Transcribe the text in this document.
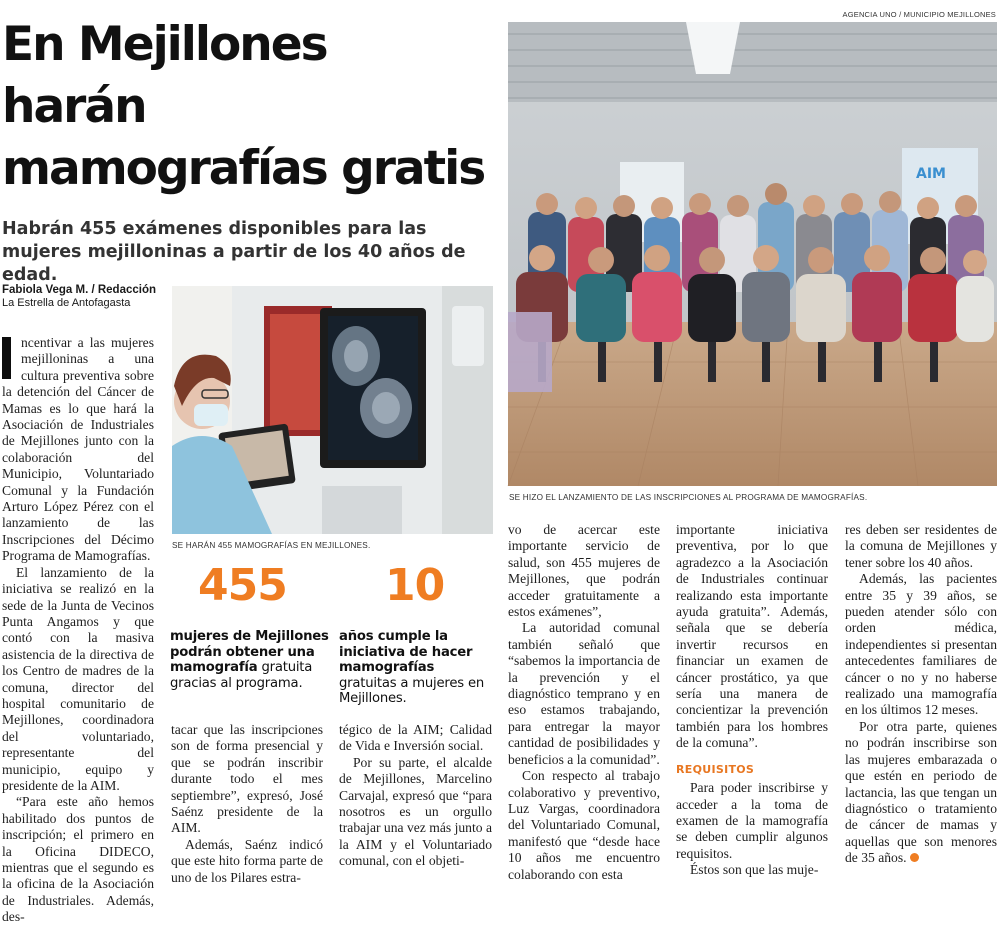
AGENCIA UNO / MUNICIPIO MEJILLONES
En Mejillones
harán
mamografías gratis
Habrán 455 exámenes disponibles para las mujeres mejilloninas a partir de los 40 años de edad.
Fabiola Vega M. / Redacción
La Estrella de Antofagasta
AIM
SE HIZO EL LANZAMIENTO DE LAS INSCRIPCIONES AL PROGRAMA DE MAMOGRAFÍAS.
SE HARÁN 455 MAMOGRAFÍAS EN MEJILLONES.
455
mujeres de Mejillones podrán obtener una mamografía gratuita gracias al programa.
10
años cumple la iniciativa de hacer mamografías gratuitas a mujeres en Mejillones.

ncentivar a las mujeres mejilloninas a una cultura preventiva sobre la detención del Cáncer de Mamas es lo que hará la Asociación de Industriales de Mejillones junto con la colaboración del Municipio, Voluntariado Comunal y la Fundación Arturo López Pérez con el lanzamiento de las Inscripciones del Décimo Programa de Mamografías.

El lanzamiento de la iniciativa se realizó en la sede de la Junta de Vecinos Punta Angamos y que contó con la masiva asistencia de la directiva de los Centro de madres de la comuna, director del hospital comunitario de Mejillones, coordinadora del voluntariado, representante del municipio, equipo y presidente de la AIM.

“Para este año hemos habilitado dos puntos de inscripción; el primero en la Oficina DIDECO, mientras que el segundo es la oficina de la Asociación de Industriales. Además, des-

tacar que las inscripciones son de forma presencial y que se podrán inscribir durante todo el mes septiembre”, expresó, José Saénz presidente de la AIM.

Además, Saénz indicó que este hito forma parte de uno de los Pilares estra-

tégico de la AIM; Calidad de Vida e Inversión social.

Por su parte, el alcalde de Mejillones, Marcelino Carvajal, expresó que “para nosotros es un orgullo trabajar una vez más junto a la AIM y el Voluntariado comunal, con el objeti-

vo de acercar este importante servicio de salud, son 455 mujeres de Mejillones, que podrán acceder gratuitamente a estos exámenes”,

La autoridad comunal también señaló que “sabemos la importancia de la prevención y el diagnóstico temprano y en eso estamos trabajando, para entregar la mayor cantidad de posibilidades y beneficios a la comunidad”.

Con respecto al trabajo colaborativo y preventivo, Luz Vargas, coordinadora del Voluntariado Comunal, manifestó que “desde hace 10 años me encuentro colaborando con esta

importante iniciativa preventiva, por lo que agradezco a la Asociación de Industriales continuar realizando esta importante ayuda gratuita”. Además, señala que se debería invertir recursos en financiar un examen de cáncer prostático, ya que sería una manera de concientizar la prevención también para los hombres de la comuna”.

REQUISITOS

Para poder inscribirse y acceder a la toma de examen de la mamografía se deben cumplir algunos requisitos.

Éstos son que las muje-

res deben ser residentes de la comuna de Mejillones y tener sobre los 40 años.

Además, las pacientes entre 35 y 39 años, se pueden atender sólo con orden médica, independientes si presentan antecedentes familiares de cáncer o no y no haberse realizado una mamografía en los últimos 12 meses.

Por otra parte, quienes no podrán inscribirse son las mujeres embarazada o que estén en periodo de lactancia, las que tengan un diagnóstico o tratamiento de cáncer de mamas y aquellas que son menores de 35 años.
